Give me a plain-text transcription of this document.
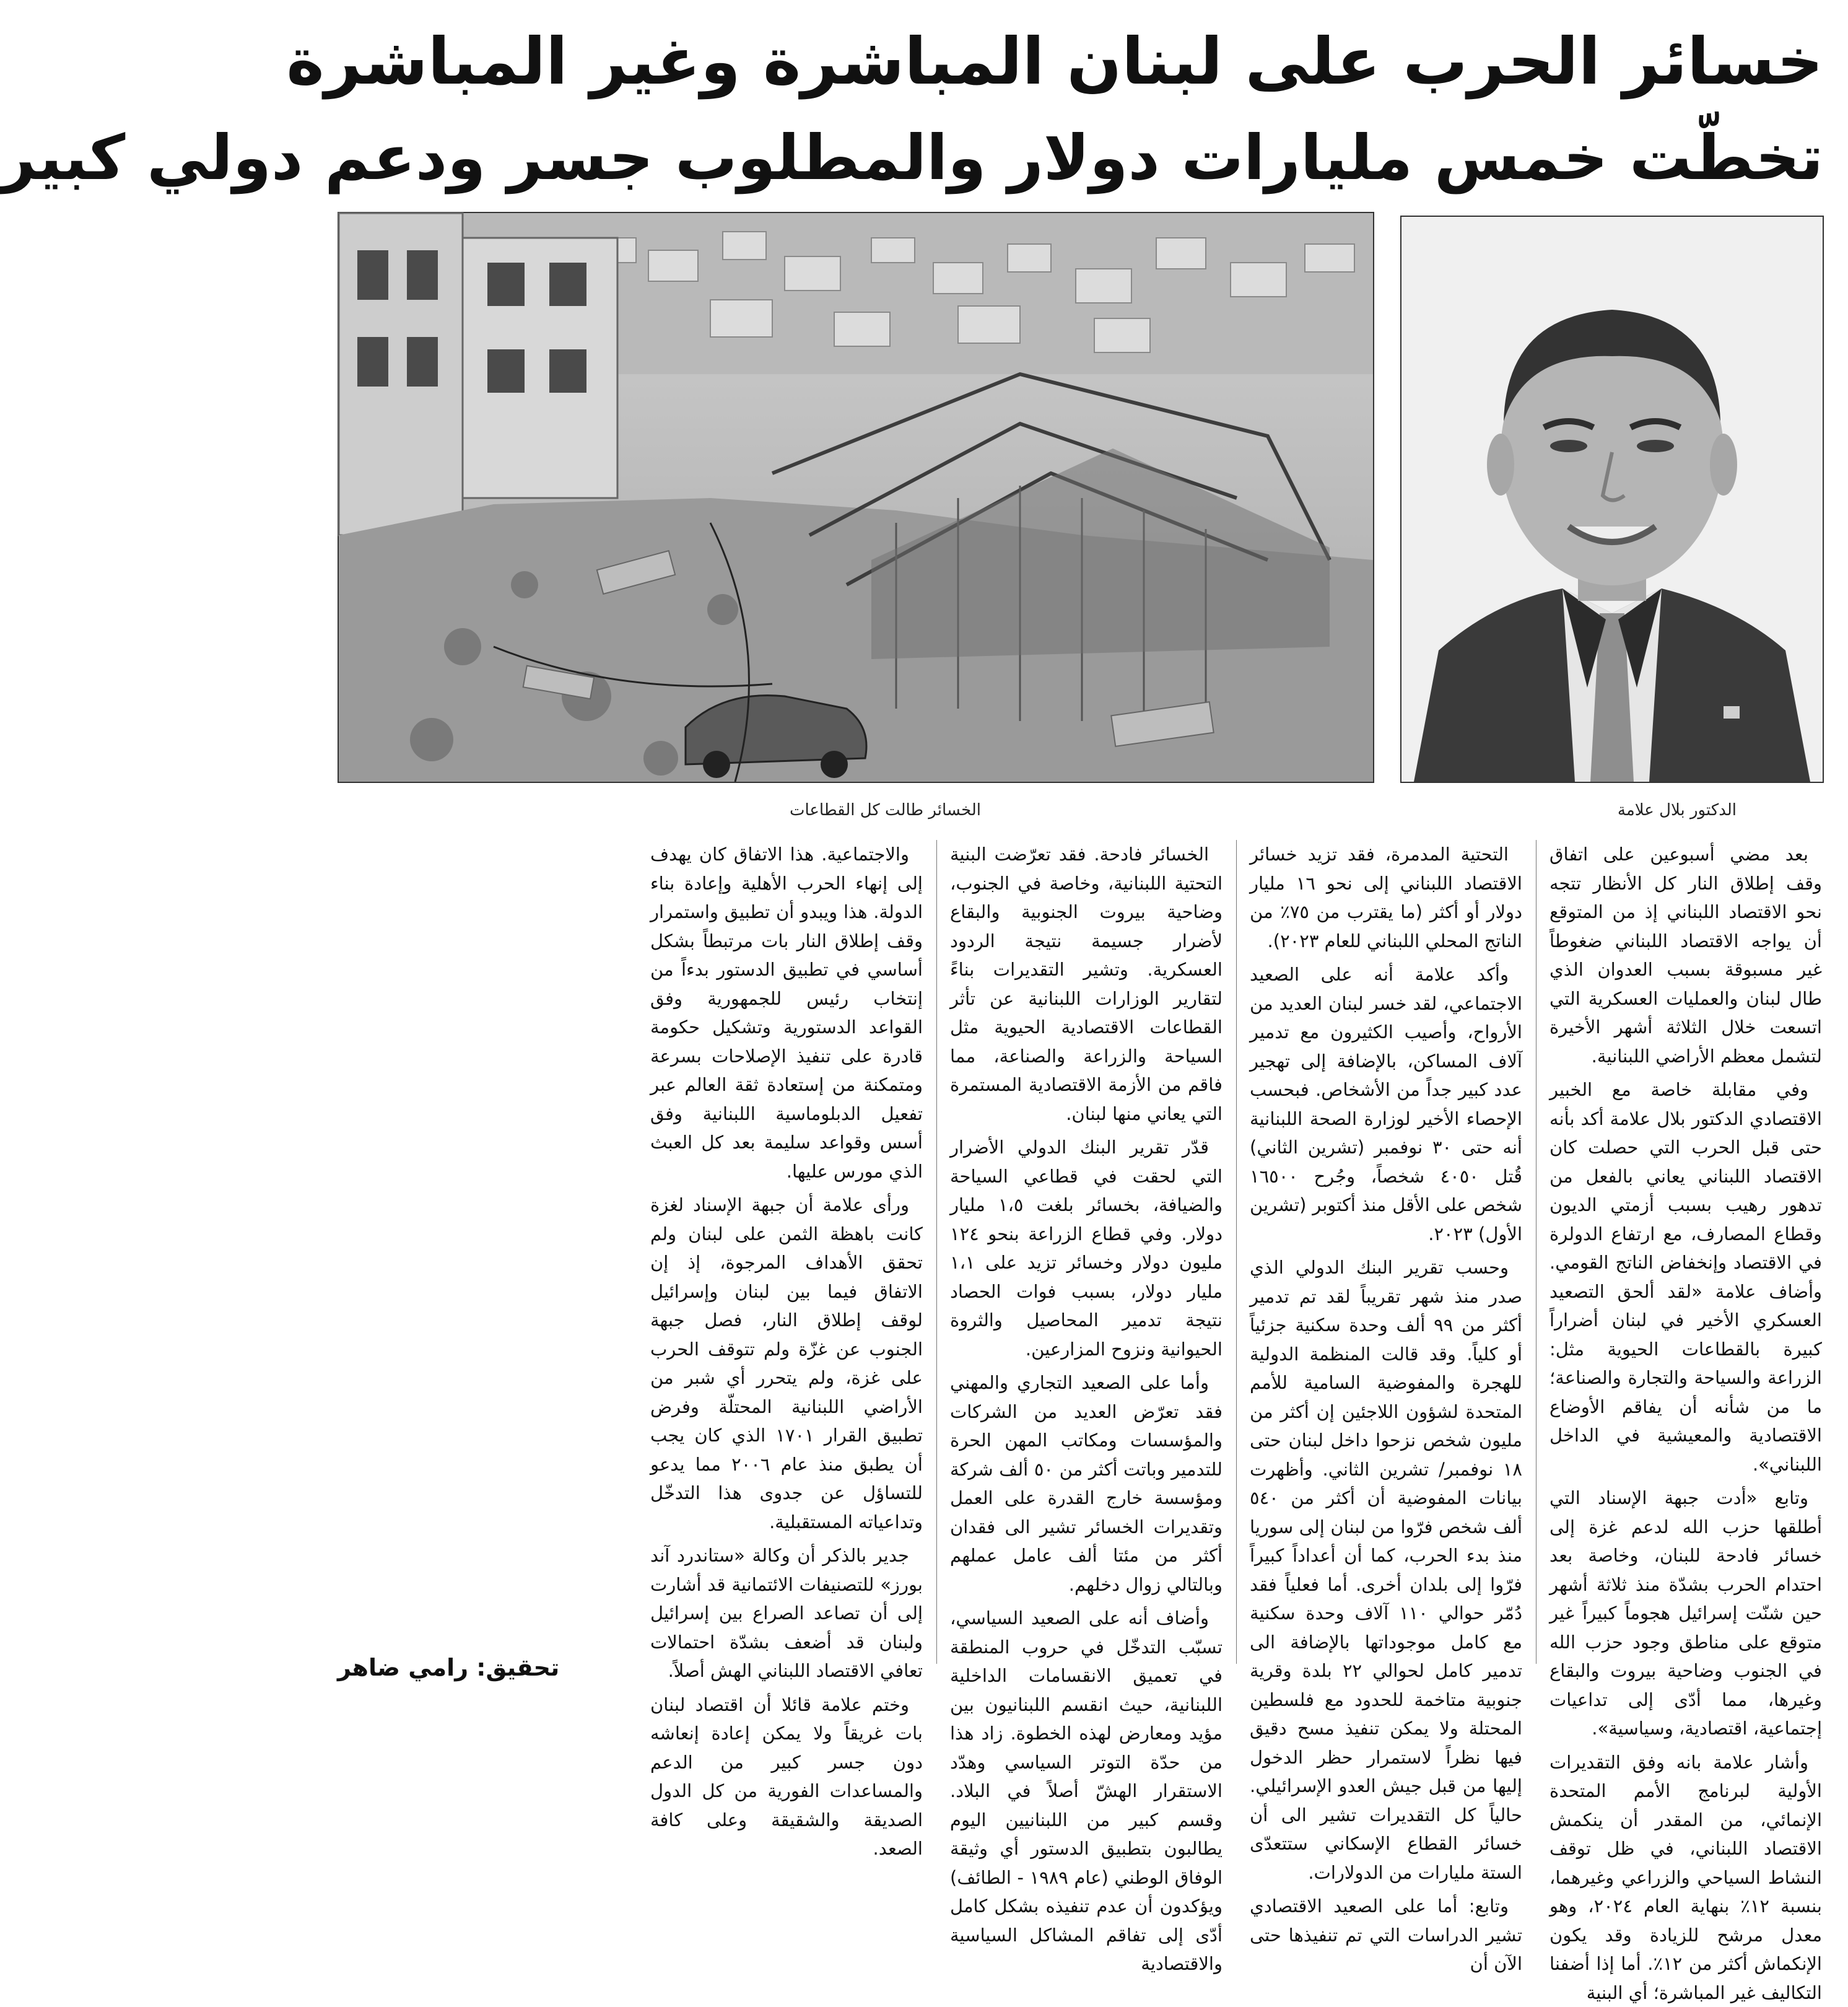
خسائر الحرب على لبنان المباشرة وغير المباشرة
تخطّت خمس مليارات دولار والمطلوب جسر ودعم دولي كبير
الدكتور بلال علامة
الخسائر طالت كل القطاعات

بعد مضي أسبوعين على اتفاق وقف إطلاق النار كل الأنظار تتجه نحو الاقتصاد اللبناني إذ من المتوقع أن يواجه الاقتصاد اللبناني ضغوطاً غير مسبوقة بسبب العدوان الذي طال لبنان والعمليات العسكرية التي اتسعت خلال الثلاثة أشهر الأخيرة لتشمل معظم الأراضي اللبنانية.

وفي مقابلة خاصة مع الخبير الاقتصادي الدكتور بلال علامة أكد بأنه حتى قبل الحرب التي حصلت كان الاقتصاد اللبناني يعاني بالفعل من تدهور رهيب بسبب أزمتي الديون وقطاع المصارف، مع ارتفاع الدولرة في الاقتصاد وإنخفاض الناتج القومي. وأضاف علامة «لقد ألحق التصعيد العسكري الأخير في لبنان أضراراً كبيرة بالقطاعات الحيوية مثل: الزراعة والسياحة والتجارة والصناعة؛ ما من شأنه أن يفاقم الأوضاع الاقتصادية والمعيشية في الداخل اللبناني».

وتابع «أدت جبهة الإسناد التي أطلقها حزب الله لدعم غزة إلى خسائر فادحة للبنان، وخاصة بعد احتدام الحرب بشدّة منذ ثلاثة أشهر حين شنّت إسرائيل هجوماً كبيراً غير متوقع على مناطق وجود حزب الله في الجنوب وضاحية بيروت والبقاع وغيرها، مما أدّى إلى تداعيات إجتماعية، اقتصادية، وسياسية».

وأشار علامة بانه وفق التقديرات الأولية لبرنامج الأمم المتحدة الإنمائي، من المقدر أن ينكمش الاقتصاد اللبناني، في ظل توقف النشاط السياحي والزراعي وغيرهما، بنسبة ١٢٪ بنهاية العام ٢٠٢٤، وهو معدل مرشح للزيادة وقد يكون الإنكماش أكثر من ١٢٪. أما إذا أضفنا التكاليف غير المباشرة؛ أي البنية

التحتية المدمرة، فقد تزيد خسائر الاقتصاد اللبناني إلى نحو ١٦ مليار دولار أو أكثر (ما يقترب من ٧٥٪ من الناتج المحلي اللبناني للعام ٢٠٢٣).

وأكد علامة أنه على الصعيد الاجتماعي، لقد خسر لبنان العديد من الأرواح، وأصيب الكثيرون مع تدمير آلاف المساكن، بالإضافة إلى تهجير عدد كبير جداً من الأشخاص. فبحسب الإحصاء الأخير لوزارة الصحة اللبنانية أنه حتى ٣٠ نوفمبر (تشرين الثاني) قُتل ٤٠٥٠ شخصاً، وجُرح ١٦٥٠٠ شخص على الأقل منذ أكتوبر (تشرين الأول) ٢٠٢٣.

وحسب تقرير البنك الدولي الذي صدر منذ شهر تقريباً لقد تم تدمير أكثر من ٩٩ ألف وحدة سكنية جزئياً أو كلياً. وقد قالت المنظمة الدولية للهجرة والمفوضية السامية للأمم المتحدة لشؤون اللاجئين إن أكثر من مليون شخص نزحوا داخل لبنان حتى ١٨ نوفمبر/ تشرين الثاني. وأظهرت بيانات المفوضية أن أكثر من ٥٤٠ ألف شخص فرّوا من لبنان إلى سوريا منذ بدء الحرب، كما أن أعداداً كبيراً فرّوا إلى بلدان أخرى. أما فعلياً فقد دُمّر حوالي ١١٠ آلاف وحدة سكنية مع كامل موجوداتها بالإضافة الى تدمير كامل لحوالي ٢٢ بلدة وقرية جنوبية متاخمة للحدود مع فلسطين المحتلة ولا يمكن تنفيذ مسح دقيق فيها نظراً لاستمرار حظر الدخول إليها من قبل جيش العدو الإسرائيلي. حالياً كل التقديرات تشير الى أن خسائر القطاع الإسكاني ستتعدّى الستة مليارات من الدولارات.

وتابع: أما على الصعيد الاقتصادي تشير الدراسات التي تم تنفيذها حتى الآن أن

الخسائر فادحة. فقد تعرّضت البنية التحتية اللبنانية، وخاصة في الجنوب، وضاحية بيروت الجنوبية والبقاع لأضرار جسيمة نتيجة الردود العسكرية. وتشير التقديرات بناءً لتقارير الوزارات اللبنانية عن تأثر القطاعات الاقتصادية الحيوية مثل السياحة والزراعة والصناعة، مما فاقم من الأزمة الاقتصادية المستمرة التي يعاني منها لبنان.

قدّر تقرير البنك الدولي الأضرار التي لحقت في قطاعي السياحة والضيافة، بخسائر بلغت ١،٥ مليار دولار. وفي قطاع الزراعة بنحو ١٢٤ مليون دولار وخسائر تزيد على ١،١ مليار دولار، بسبب فوات الحصاد نتيجة تدمير المحاصيل والثروة الحيوانية ونزوح المزارعين.

وأما على الصعيد التجاري والمهني فقد تعرّض العديد من الشركات والمؤسسات ومكاتب المهن الحرة للتدمير وباتت أكثر من ٥٠ ألف شركة ومؤسسة خارج القدرة على العمل وتقديرات الخسائر تشير الى فقدان أكثر من مئتا ألف عامل عملهم وبالتالي زوال دخلهم.

وأضاف أنه على الصعيد السياسي، تسبّب التدخّل في حروب المنطقة في تعميق الانقسامات الداخلية اللبنانية، حيث انقسم اللبنانيون بين مؤيد ومعارض لهذه الخطوة. زاد هذا من حدّة التوتر السياسي وهدّد الاستقرار الهشّ أصلاً في البلاد. وقسم كبير من اللبنانيين اليوم يطالبون بتطبيق الدستور أي وثيقة الوفاق الوطني (عام ١٩٨٩ - الطائف) ويؤكدون أن عدم تنفيذه بشكل كامل أدّى إلى تفاقم المشاكل السياسية والاقتصادية

والاجتماعية. هذا الاتفاق كان يهدف إلى إنهاء الحرب الأهلية وإعادة بناء الدولة. هذا ويبدو أن تطبيق واستمرار وقف إطلاق النار بات مرتبطاً بشكل أساسي في تطبيق الدستور بدءاً من إنتخاب رئيس للجمهورية وفق القواعد الدستورية وتشكيل حكومة قادرة على تنفيذ الإصلاحات بسرعة ومتمكنة من إستعادة ثقة العالم عبر تفعيل الدبلوماسية اللبنانية وفق أسس وقواعد سليمة بعد كل العبث الذي مورس عليها.

ورأى علامة أن جبهة الإسناد لغزة كانت باهظة الثمن على لبنان ولم تحقق الأهداف المرجوة، إذ إن الاتفاق فيما بين لبنان وإسرائيل لوقف إطلاق النار، فصل جبهة الجنوب عن غزّة ولم تتوقف الحرب على غزة، ولم يتحرر أي شبر من الأراضي اللبنانية المحتلّة وفرض تطبيق القرار ١٧٠١ الذي كان يجب أن يطبق منذ عام ٢٠٠٦ مما يدعو للتساؤل عن جدوى هذا التدخّل وتداعياته المستقبلية.

جدير بالذكر أن وكالة «ستاندرد آند بورز» للتصنيفات الائتمانية قد أشارت إلى أن تصاعد الصراع بين إسرائيل ولبنان قد أضعف بشدّة احتمالات تعافي الاقتصاد اللبناني الهش أصلاً.

وختم علامة قائلا أن اقتصاد لبنان بات غريقاً ولا يمكن إعادة إنعاشه دون جسر كبير من الدعم والمساعدات الفورية من كل الدول الصديقة والشقيقة وعلى كافة الصعد.

تحقيق: رامي ضاهر
